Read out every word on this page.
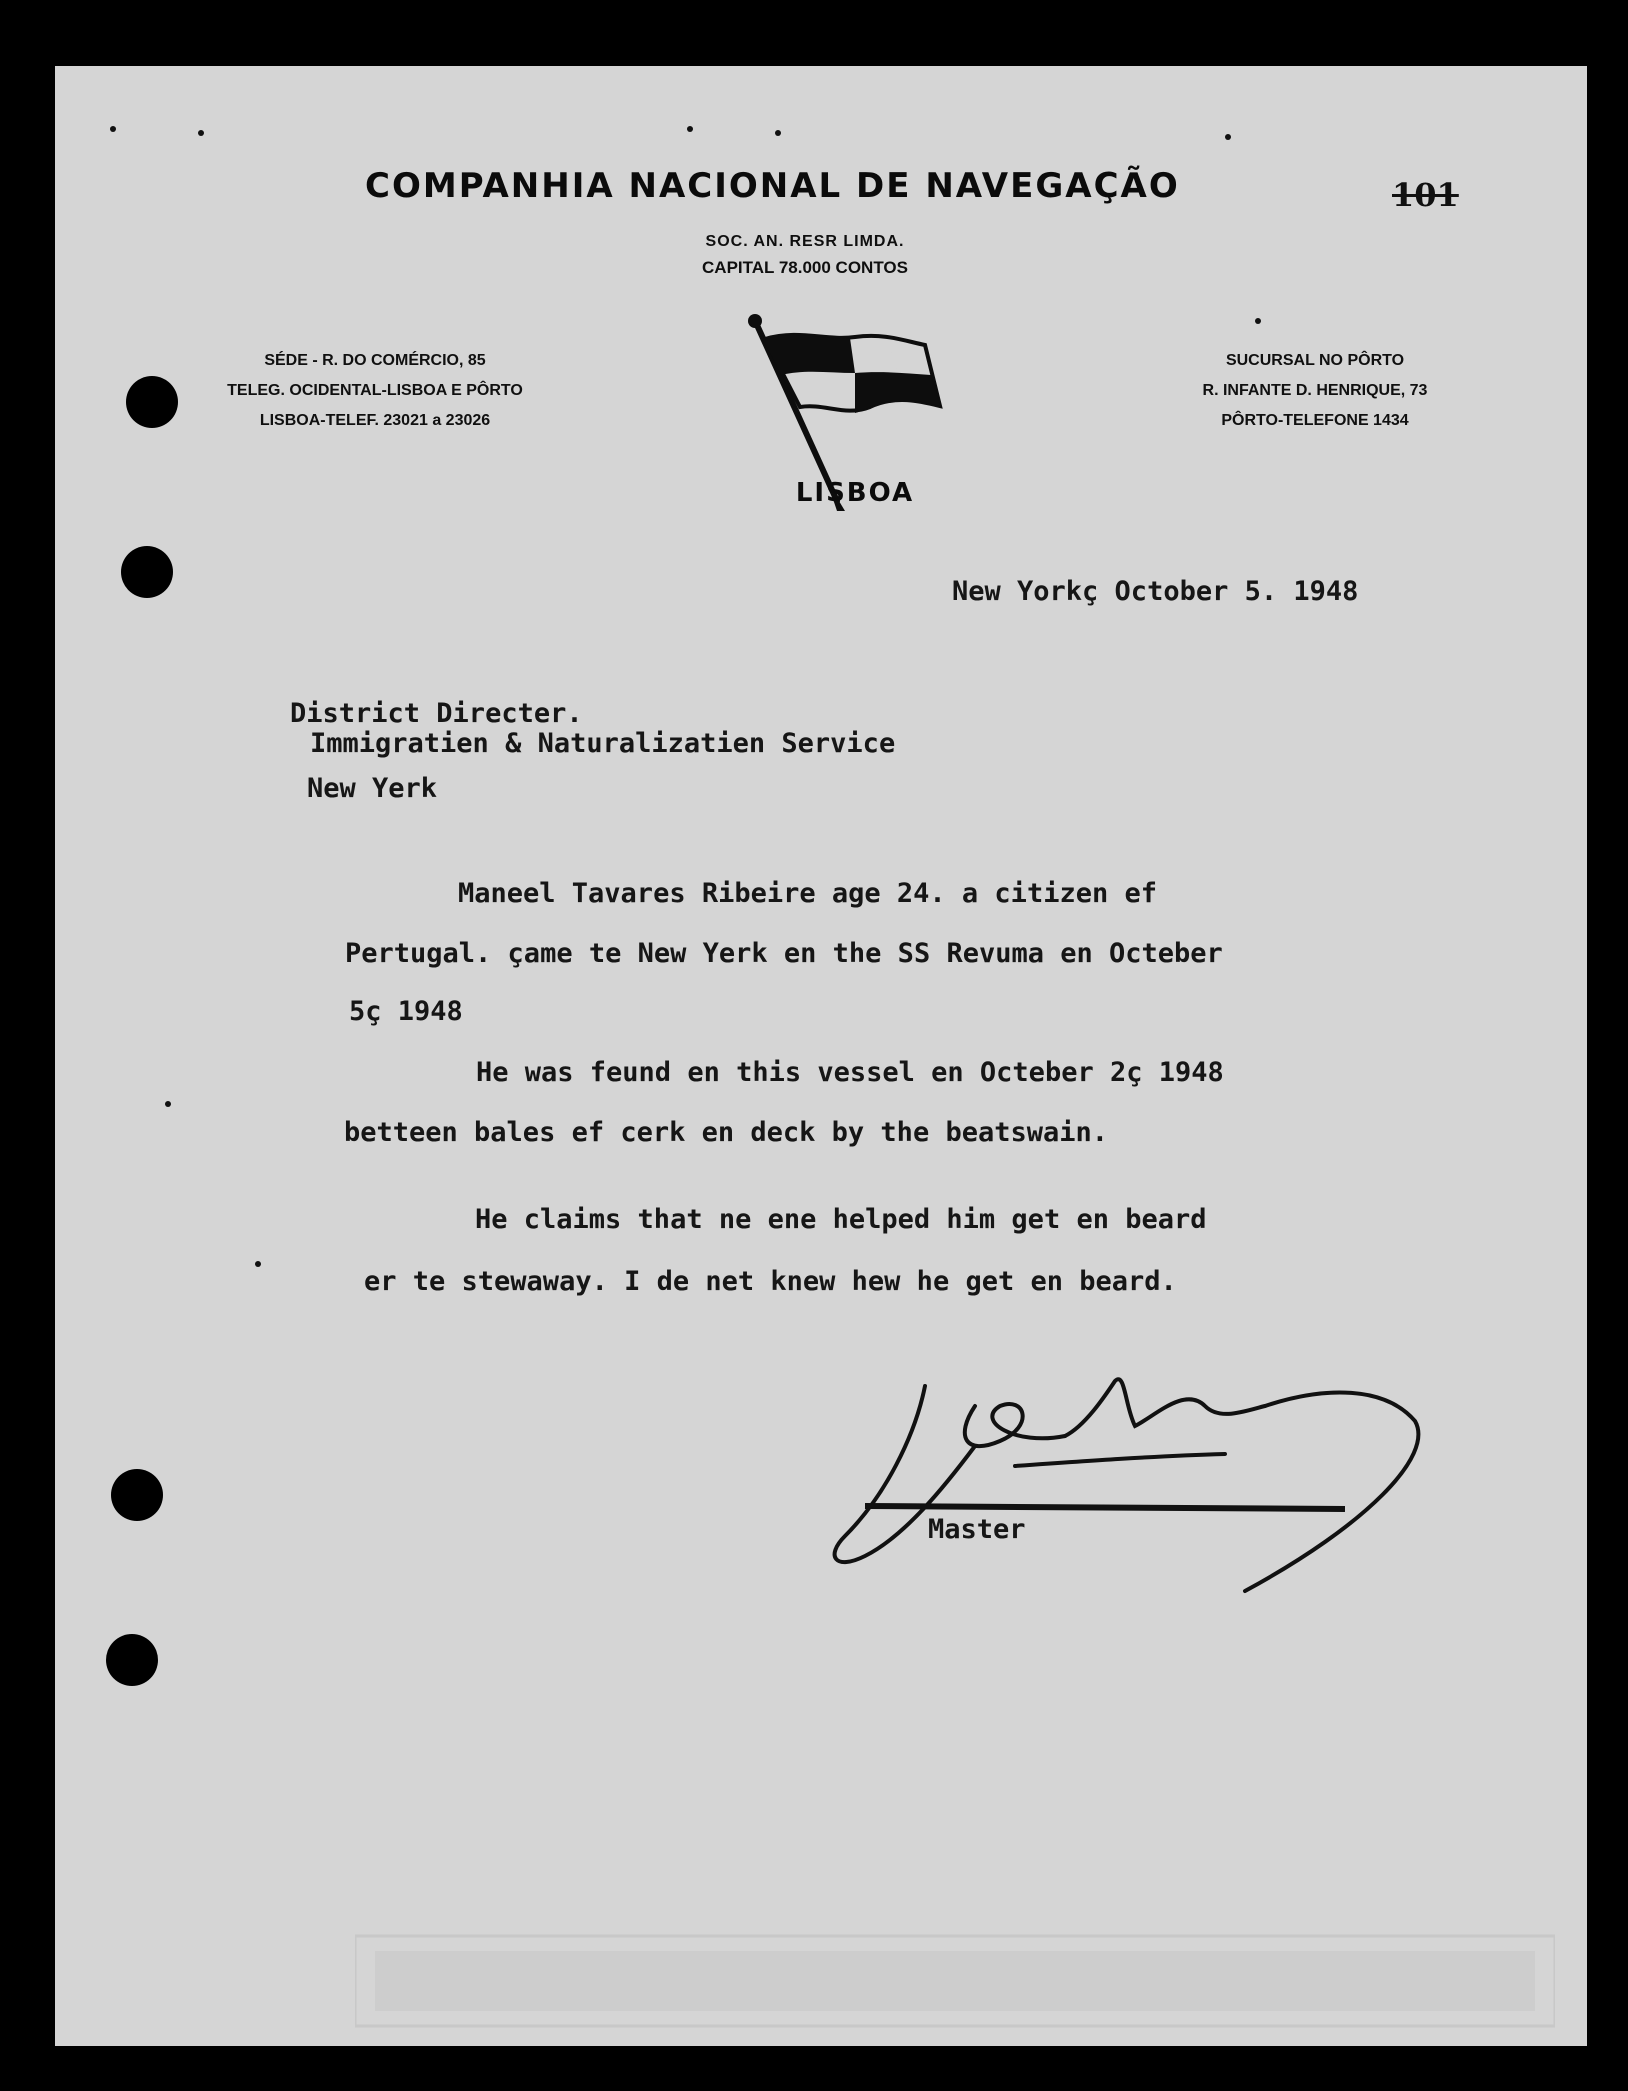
COMPANHIA NACIONAL DE NAVEGAÇÃO	101
SOC. AN. RESR LIMDA.
CAPITAL 78.000 CONTOS
SÉDE - R. DO COMÉRCIO, 85
TELEG. OCIDENTAL-LISBOA E PÔRTO
LISBOA-TELEF. 23021 a 23026
SUCURSAL NO PÔRTO
R. INFANTE D. HENRIQUE, 73
PÔRTO-TELEFONE 1434
LISBOA
New Yorkç October 5. 1948
District Directer.
Immigratien & Naturalizatien Service
New Yerk
Maneel Tavares Ribeire age 24. a citizen ef
Pertugal. çame te New Yerk en the SS Revuma en Octeber
5ç 1948
He was feund en this vessel en Octeber 2ç 1948
betteen bales ef cerk en deck by the beatswain.
He claims that ne ene helped him get en beard
er te stewaway. I de net knew hew he get en beard.
Master
